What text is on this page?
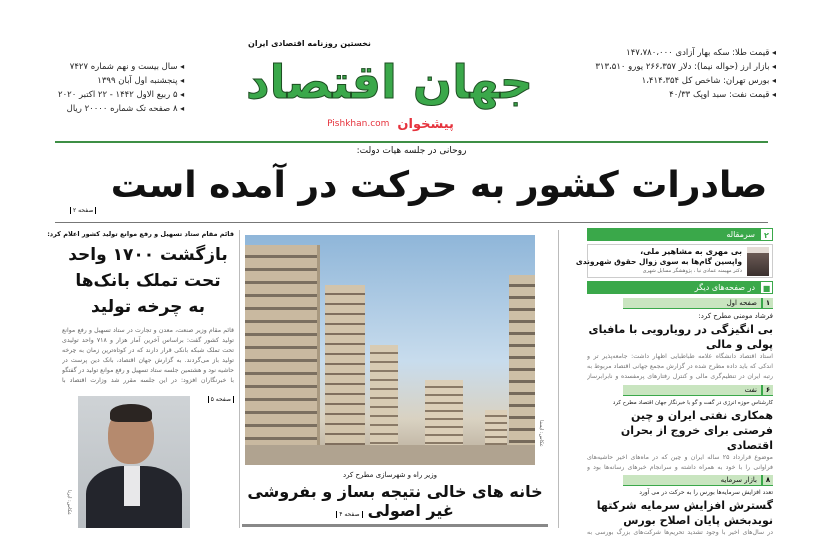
◂ قیمت طلا: سکه بهار آزادی ۱۴۷،۷۸۰،۰۰۰
◂ بازار ارز (حواله نیما): دلار ۲۶۶،۳۵۷ یورو ۳۱۳،۵۱۰
◂ بورس تهران: شاخص کل ۱،۴۱۴،۳۵۴
◂ قیمت نفت: سبد اوپک ۴۰/۳۳
◂ سال بیست و نهم شماره ۷۴۲۷
◂ پنجشنبه اول آبان ۱۳۹۹
◂ ۵ ربیع الاول ۱۴۴۲ - ۲۲ اکتبر ۲۰۲۰
◂ ۸ صفحه تک شماره ۲۰۰۰۰ ریال
نخستین روزنامه اقتصادی ایران
جهان اقتصاد
پیشخوان
Pishkhan.com
روحانی در جلسه هیات دولت:
صادرات کشور به حرکت در آمده است
صفحه ۲
قائم مقام ستاد تسهیل و رفع موانع تولید کشور اعلام کرد:
بازگشت ۱۷۰۰ واحد
تحت تملک بانک‌ها
به چرخه تولید
قائم مقام وزیر صنعت، معدن و تجارت در ستاد تسهیل و رفع موانع تولید کشور گفت: براساس آخرین آمار هزار و ۷۱۸ واحد تولیدی تحت تملک شبکه بانکی قرار دارند که در کوتاه‌ترین زمان به چرخه تولید باز می‌گردند. به گزارش جهان اقتصاد، بانک دین پرست در حاشیه نود و هشتمین جلسه ستاد تسهیل و رفع موانع تولید در گفتگو با خبرنگاران افزود: در این جلسه مقرر شد وزارت اقتصاد با
صفحه ۵
عکاس: ایرنا
عکاس: ایسنا
وزیر راه و شهرسازی مطرح کرد
خانه های خالی نتیجه بساز و بفروشی غیر اصولی صفحه ۴
۲
سرمقاله
بی مهری به مشاهیر ملی،
واپسین گام‌ها به سوی زوال حقوق شهروندی
دکتر مهیمنه عمادی نیا ، پژوهشگر مسایل شهری
■
در صفحه‌های دیگر
۱
صفحه اول
فرشاد مومنی مطرح کرد:
بی انگیزگی در رویارویی با مافیای پولی و مالی
استاد اقتصاد دانشگاه علامه طباطبایی اظهار داشت: جامعه‌پذیر تر و اندکی که باید داده مطرح شده در گزارش مجمع جهانی اقتصاد مربوط به رتبه ایران در تنظیم‌گری مالی و کنترل رفتارهای پرمفسده و نابرابرساز
۶
نفت
کارشناس حوزه انرژی در گفت و گو با خبرنگار جهان اقتصاد مطرح کرد
همکاری نفتی ایران و چین فرصتی برای خروج از بحران اقتصادی
موضوع قرارداد ۲۵ ساله ایران و چین که در ماه‌های اخیر حاشیه‌های فراوانی را با خود به همراه داشته و سرانجام خبرهای رسانه‌ها بود و
۸
بازار سرمایه
تعدد افزایش سرمایه‌ها بورس را به حرکت در می آورد
گسترش افزایش سرمایه شرکتها نویدبخش پایان اصلاح بورس
در سال‌های اخیر با وجود تشدید تحریم‌ها شرکت‌های بزرگ بورسی به
